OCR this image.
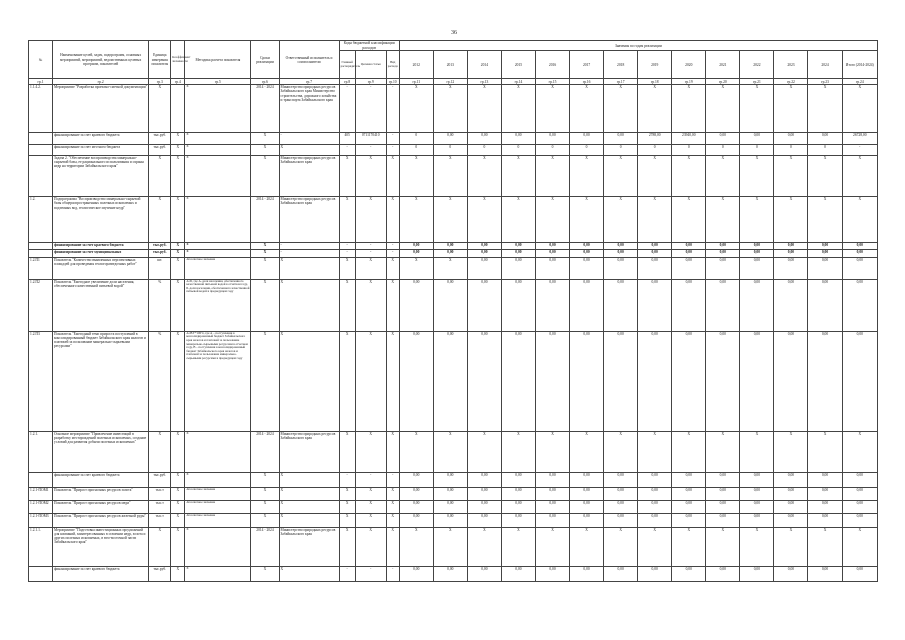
36
№	Наименование целей, задач, подпрограмм, основных мероприятий, мероприятий, ведомственных целевых программ, показателей	Единица измерения показателя	Коэффициент значимости	Методика расчета показателя	Сроки реализации	Ответственный исполнитель и соисполнители	Коды бюджетной классификации расходов			Значения по годам реализации													
							Главный распорядитель	Целевая статья	Вид расхода	2012	2013	2014	2015	2016	2017	2018	2019	2020	2021	2022	2023	2024	Итого (2014-2024)
гр.1	гр.2	гр.3	гр.4	гр.5	гр.6	гр.7	гр.8	гр.9	гр.10	гр.11	гр.12	гр.13	гр.14	гр.15	гр.16	гр.17	гр.18	гр.19	гр.20	гр.21	гр.22	гр.23	гр.24
1.1.4.2.	Мероприятие "Разработка проектно-сметной документации"	X		X	2014 - 2024	Министерство природных ресурсов Забайкальского края Министерство строительства, дорожного хозяйства и транспорта Забайкальского края	-	-	-	X	X	X	X	X	X	X	X	X	X	X	X	X	X
	финансирование за счет краевого бюджета	тыс.руб.	X	X	X	-	405	0711170410	-	0	0,00	0,00	0,00	0,00	0,00	0,00	2788,00	23940,00	0,00	0,00	0,00	0,00	26728,00
	финансирование за счет местного бюджета	тыс.руб.	X	X	X	X	-	-	-	0	0	0	0	0	0	0	0	0	0	0	0	0	-
	Задача 2. "Обеспечение воспроизводства минерально-сырьевой базы, ее рационального использования и охраны недр на территории Забайкальского края"	X	X	X	X	Министерство природных ресурсов Забайкальского края	X	X	X	X	X	X	X	X	X	X	X	X	X	X	X	X	X
1.2.	Подпрограмма "Воспроизводство минерально-сырьевой базы общераспространенных полезных ископаемых и подземных вод, геологическое изучение недр"	X	X	X	2014 - 2024	Министерство природных ресурсов Забайкальского края	X	X	X	X	X	X	X	X	X	X	X	X	X	X	X	X	X
	финансирование за счет краевого бюджета	тыс.руб.	X	X	X	-	-	-	-	0,00	0,00	0,00	0,00	0,00	0,00	0,00	0,00	0,00	0,00	0,00	0,00	0,00	0,00
	финансирование за счет муниципальных	тыс.руб.	X	X	X	-	-	-	-	0,00	0,00	0,00	0,00	0,00	0,00	0,00	0,00	0,00	0,00	0,00	0,00	0,00	0,00
1.2.П1	Показатель "Количество выявленных перспективных площадей для проведения геологоразведочных работ"	шт.	X	Абсолютное значение	X	X	X	X	X	X	X	0,00	0,00	0,00	0,00	0,00	0,00	0,00	0,00	0,00	0,00	0,00	0,00
1.2.П2	Показатель "Ежегодное увеличение доли населения, обеспеченного качественной питьевой водой"	%	X	А=Б, где А–доля населения, обеспеченного качественной питьевой водой в отчетном году, Б–доля населения, обеспеченного качественной питьевой водой в предыдущем году	X	X	X	X	X	0,00	0,00	0,00	0,00	0,00	0,00	0,00	0,00	0,00	0,00	0,00	0,00	0,00	0,00
1.2.П3	Показатель "Ежегодный темп прироста поступлений в консолидированный бюджет Забайкальского края налогов и платежей за пользование минерально-сырьевыми ресурсами"	%	X	А=В/Г*100%, где А – поступления в консолидированный бюджет Забайкальского края налогов и платежей за пользование минерально-сырьевыми ресурсами в отчетном году, В – поступления в консолидированный бюджет Забайкальского края налогов и платежей за пользование минерально-сырьевыми ресурсами в предыдущем году	X	X	X	X	X	0,00	0,00	0,00	0,00	0,00	0,00	0,00	0,00	0,00	0,00	0,00	0,00	0,00	0,00
1.2.1.	Основное мероприятие "Привлечение инвестиций в разработку месторождений полезных ископаемых, создание условий для развития добычи полезных ископаемых"	X	X	X	2014 - 2024	Министерство природных ресурсов Забайкальского края	X	X	X	X	X	X	X	X	X	X	X	X	X	X	X	X	X
	финансирование за счет краевого бюджета	тыс.руб.	X	X	X	X	-	-	-	0,00	0,00	0,00	0,00	0,00	0,00	0,00	0,00	0,00	0,00	0,00	0,00	0,00	0,00
1.2.1-ПОМ1	Показатель "Прирост прогнозных ресурсов золота"	тыс.т	X	Абсолютное значение	X	X	X	X	X	0,00	0,00	0,00	0,00	0,00	0,00	0,00	0,00	0,00	0,00	0,00	0,00	0,00	0,00
1.2.1-ПОМ2	Показатель "Прирост прогнозных ресурсов меди"	тыс.т	X	Абсолютное значение	X	X	X	X	X	0,00	0,00	0,00	0,00	0,00	0,00	0,00	0,00	0,00	0,00	0,00	0,00	0,00	0,00
1.2.1-ПОМ3	Показатель "Прирост прогнозных ресурсов железной руды"	тыс.т	X	Абсолютное значение	X	X	X	X	X	0,00	0,00	0,00	0,00	0,00	0,00	0,00	0,00	0,00	0,00	0,00	0,00	0,00	0,00
1.2.1.1.	Мероприятие "Подготовка инвестиционных предложений для компаний, заинтересованных в освоении недр, золота и других полезных ископаемых, в юго-восточной части Забайкальского края"	X	X	X	2014 - 2024	Министерство природных ресурсов Забайкальского края	X	X	X	X	X	X	X	X	X	X	X	X	X	X	X	X	X
	финансирование за счет краевого бюджета	тыс.руб.	X	X	X	X	-	-	-	0,00	0,00	0,00	0,00	0,00	0,00	0,00	0,00	0,00	0,00	0,00	0,00	0,00	0,00
